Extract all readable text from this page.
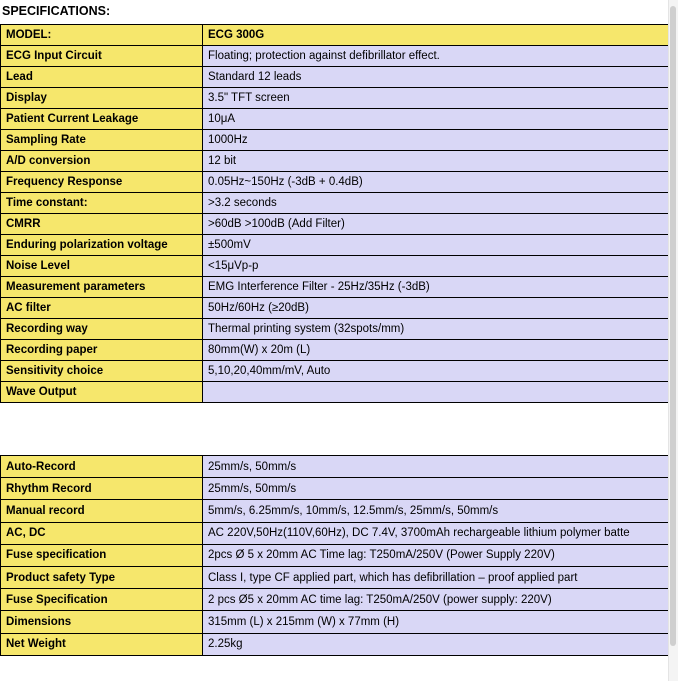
SPECIFICATIONS:
MODEL:	ECG 300G
ECG Input Circuit	Floating; protection against defibrillator effect.
Lead	Standard 12 leads
Display	3.5" TFT screen
Patient Current Leakage	10μA
Sampling Rate	1000Hz
A/D conversion	12 bit
Frequency Response	0.05Hz~150Hz (-3dB + 0.4dB)
Time constant:	>3.2 seconds
CMRR	>60dB >100dB (Add Filter)
Enduring polarization voltage	±500mV
Noise Level	<15μVp-p
Measurement parameters	EMG Interference Filter - 25Hz/35Hz (-3dB)
AC filter	50Hz/60Hz (≥20dB)
Recording way	Thermal printing system (32spots/mm)
Recording paper	80mm(W) x 20m (L)
Sensitivity choice	5,10,20,40mm/mV, Auto
Wave Output	
Auto-Record	25mm/s, 50mm/s
Rhythm Record	25mm/s, 50mm/s
Manual record	5mm/s, 6.25mm/s, 10mm/s, 12.5mm/s, 25mm/s, 50mm/s
AC, DC	AC 220V,50Hz(110V,60Hz), DC 7.4V, 3700mAh rechargeable lithium polymer batte
Fuse specification	2pcs Ø 5 x 20mm AC Time lag: T250mA/250V (Power Supply 220V)
Product safety Type	Class I, type CF applied part, which has defibrillation – proof applied part
Fuse Specification	2 pcs Ø5 x 20mm AC time lag: T250mA/250V (power supply: 220V)
Dimensions	315mm (L) x 215mm (W) x 77mm (H)
Net Weight	2.25kg
